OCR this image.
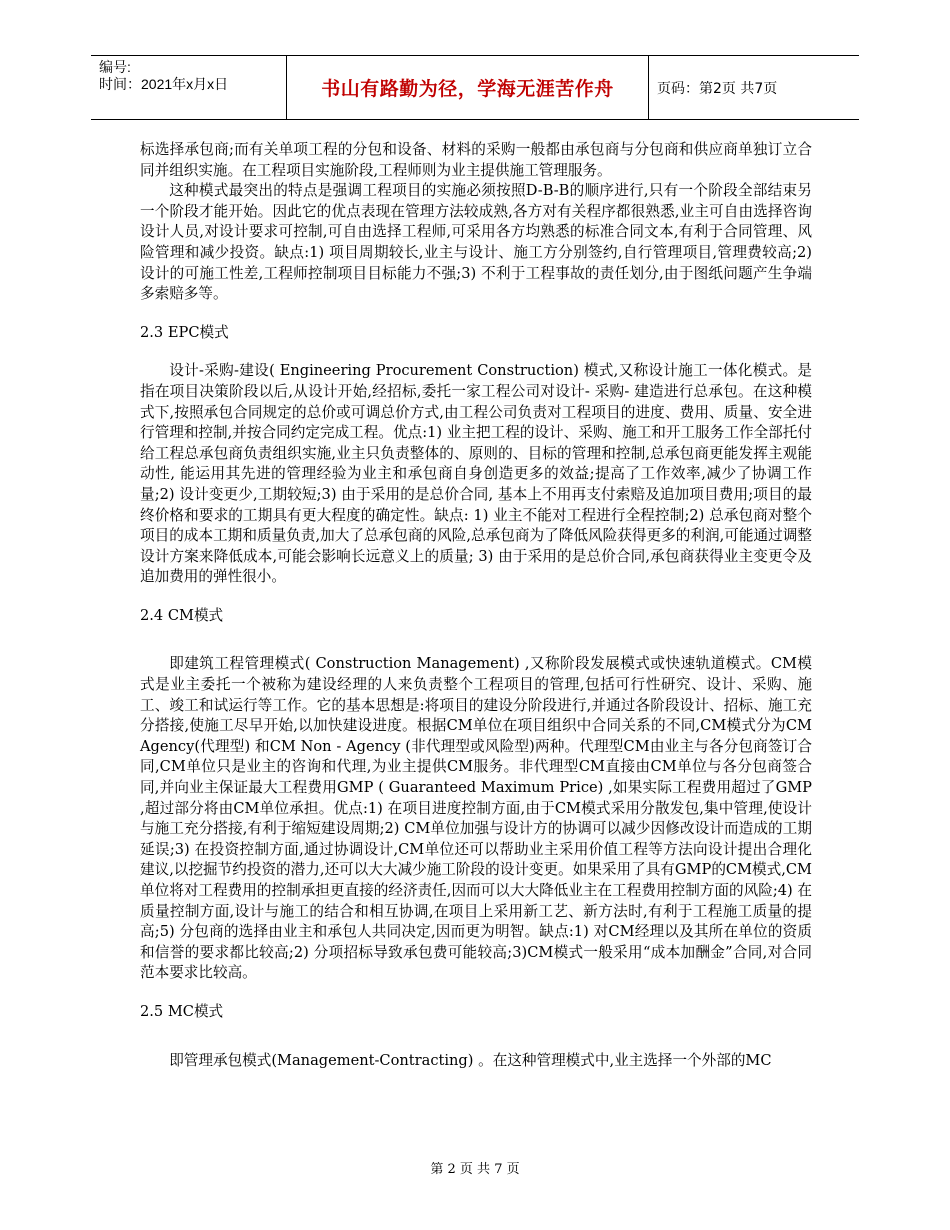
编号:
时间：2021年x月x日	书山有路勤为径，学海无涯苦作舟	页码：第2页 共7页

标选择承包商;而有关单项工程的分包和设备、材料的采购一般都由承包商与分包商和供应商单独订立合同并组织实施。在工程项目实施阶段,工程师则为业主提供施工管理服务。

这种模式最突出的特点是强调工程项目的实施必须按照D-B-B的顺序进行,只有一个阶段全部结束另一个阶段才能开始。因此它的优点表现在管理方法较成熟,各方对有关程序都很熟悉,业主可自由选择咨询设计人员,对设计要求可控制,可自由选择工程师,可采用各方均熟悉的标准合同文本,有利于合同管理、风险管理和减少投资。缺点:1) 项目周期较长,业主与设计、施工方分别签约,自行管理项目,管理费较高;2) 设计的可施工性差,工程师控制项目目标能力不强;3) 不利于工程事故的责任划分,由于图纸问题产生争端多索赔多等。

2.3 EPC模式

设计-采购-建设( Engineering Procurement Construction) 模式,又称设计施工一体化模式。是指在项目决策阶段以后,从设计开始,经招标,委托一家工程公司对设计- 采购- 建造进行总承包。在这种模式下,按照承包合同规定的总价或可调总价方式,由工程公司负责对工程项目的进度、费用、质量、安全进行管理和控制,并按合同约定完成工程。优点:1) 业主把工程的设计、采购、施工和开工服务工作全部托付给工程总承包商负责组织实施,业主只负责整体的、原则的、目标的管理和控制,总承包商更能发挥主观能动性, 能运用其先进的管理经验为业主和承包商自身创造更多的效益;提高了工作效率,减少了协调工作量;2) 设计变更少,工期较短;3) 由于采用的是总价合同, 基本上不用再支付索赔及追加项目费用;项目的最终价格和要求的工期具有更大程度的确定性。缺点: 1) 业主不能对工程进行全程控制;2) 总承包商对整个项目的成本工期和质量负责,加大了总承包商的风险,总承包商为了降低风险获得更多的利润,可能通过调整设计方案来降低成本,可能会影响长远意义上的质量; 3) 由于采用的是总价合同,承包商获得业主变更令及追加费用的弹性很小。

2.4 CM模式

即建筑工程管理模式( Construction Management) ,又称阶段发展模式或快速轨道模式。CM模式是业主委托一个被称为建设经理的人来负责整个工程项目的管理,包括可行性研究、设计、采购、施工、竣工和试运行等工作。它的基本思想是:将项目的建设分阶段进行,并通过各阶段设计、招标、施工充分搭接,使施工尽早开始,以加快建设进度。根据CM单位在项目组织中合同关系的不同,CM模式分为CM Agency(代理型) 和CM Non - Agency (非代理型或风险型)两种。代理型CM由业主与各分包商签订合同,CM单位只是业主的咨询和代理,为业主提供CM服务。非代理型CM直接由CM单位与各分包商签合同,并向业主保证最大工程费用GMP ( Guaranteed Maximum Price) ,如果实际工程费用超过了GMP ,超过部分将由CM单位承担。优点:1) 在项目进度控制方面,由于CM模式采用分散发包,集中管理,使设计与施工充分搭接,有利于缩短建设周期;2) CM单位加强与设计方的协调可以减少因修改设计而造成的工期延误;3) 在投资控制方面,通过协调设计,CM单位还可以帮助业主采用价值工程等方法向设计提出合理化建议,以挖掘节约投资的潜力,还可以大大减少施工阶段的设计变更。如果采用了具有GMP的CM模式,CM单位将对工程费用的控制承担更直接的经济责任,因而可以大大降低业主在工程费用控制方面的风险;4) 在质量控制方面,设计与施工的结合和相互协调,在项目上采用新工艺、新方法时,有利于工程施工质量的提高;5) 分包商的选择由业主和承包人共同决定,因而更为明智。缺点:1) 对CM经理以及其所在单位的资质和信誉的要求都比较高;2) 分项招标导致承包费可能较高;3)CM模式一般采用“成本加酬金”合同,对合同范本要求比较高。

2.5 MC模式

即管理承包模式(Management-Contracting) 。在这种管理模式中,业主选择一个外部的MC

第 2 页 共 7 页
